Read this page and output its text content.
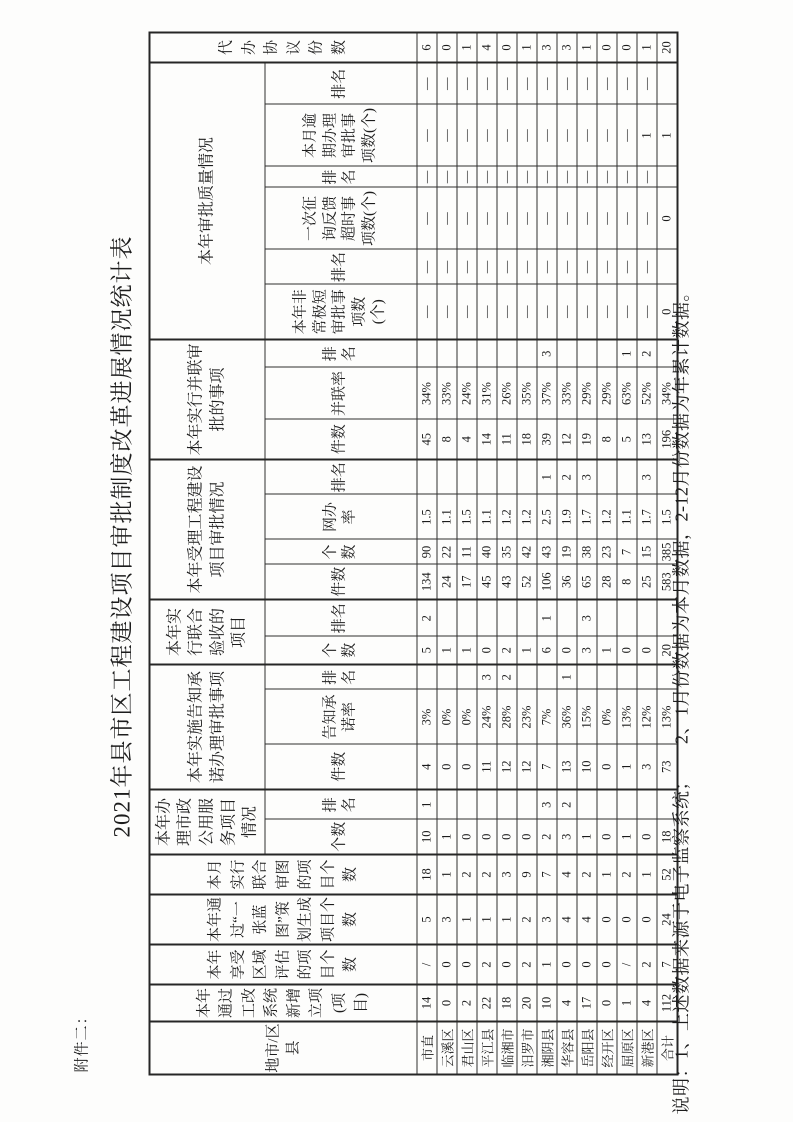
附件二：
2021年县市区工程建设项目审批制度改革进展情况统计表
地市/区县	本年通过工改系统新增立项(项目)	本年享受区域评估的项目个数	本年通过“一张蓝图”策划生成项目个数	本月实行联合审图的项目个数	本年办理市政公用服务项目情况		本年实施告知承诺办理审批事项			本年实行联合验收的项目		本年受理工程建设项目审批情况				本年实行并联审批的事项			本年审批质量情况						代办协议份数
					个数	排名	件数	告知承诺率	排名	个数	排名	件数	个数	网办率	排名	件数	并联率	排名	本年非常极短审批事项数(个)	排名	一次征询反馈超时事项数(个)	排名	本月逾期办理审批事项数(个)	排名	
市直	14	/	5	18	10	1	4	3%		5	2	134	90	1.5		45	34%		—	—	—	—	—	—	6
云溪区	0	0	3	1	1		0	0%		1		24	22	1.1		8	33%		—	—	—	—	—	—	0
君山区	2	0	1	2	0		0	0%		1		17	11	1.5		4	24%		—	—	—	—	—	—	1
平江县	22	2	1	2	0		11	24%	3	0		45	40	1.1		14	31%		—	—	—	—	—	—	4
临湘市	18	0	1	3	0		12	28%	2	2		43	35	1.2		11	26%		—	—	—	—	—	—	0
汨罗市	20	2	2	9	0		12	23%		1		52	42	1.2		18	35%		—	—	—	—	—	—	1
湘阴县	10	1	3	7	2	3	7	7%		6	1	106	43	2.5	1	39	37%	3	—	—	—	—	—	—	3
华容县	4	0	4	4	3	2	13	36%	1	0		36	19	1.9	2	12	33%		—	—	—	—	—	—	3
岳阳县	17	0	4	2	1		10	15%		3	3	65	38	1.7	3	19	29%		—	—	—	—	—	—	1
经开区	0	0	0	1	0		0	0%		1		28	23	1.2		8	29%		—	—	—	—	—	—	0
屈原区	1	/	0	2	1		1	13%		0		8	7	1.1		5	63%	1	—	—	—	—	—	—	0
新港区	4	2	0	1	0		3	12%		0		25	15	1.7	3	13	52%	2	—	—	—	—	1	—	1
合计	112	7	24	52	18		73	13%		20		583	385	1.5		196	34%		0		0		1		20
说明：1、上述数据来源于电子监察系统；　　2、1月份数据为本月数据，2-12月份数据为年累计数据。
